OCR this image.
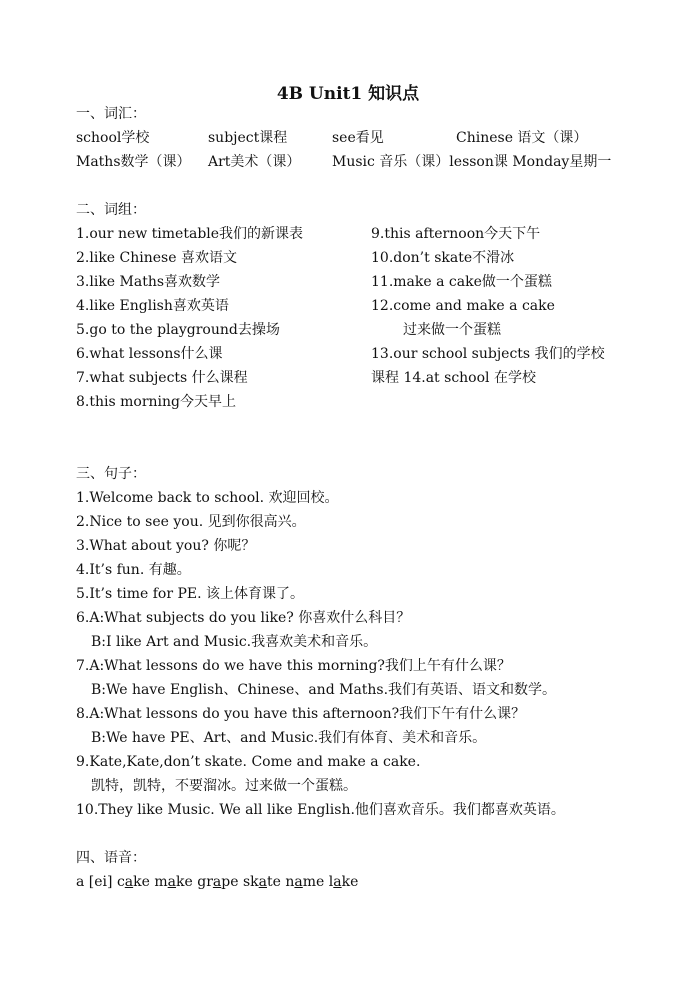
4B Unit1 知识点
一、词汇：
school学校	subject课程	see看见	Chinese 语文（课）
Maths数学（课） Art美术（课） Music 音乐（课）lesson课 Monday星期一
二、词组：
1.our new timetable我们的新课表
2.like Chinese 喜欢语文
3.like Maths喜欢数学
4.like English喜欢英语
5.go to the playground去操场
6.what lessons什么课
7.what subjects 什么课程
8.this morning今天早上
9.this afternoon今天下午
10.don’t skate不滑冰
11.make a cake做一个蛋糕
12.come and make a cake
过来做一个蛋糕
13.our school subjects 我们的学校
课程 14.at school 在学校
三、句子：
1.Welcome back to school. 欢迎回校。
2.Nice to see you. 见到你很高兴。
3.What about you? 你呢？
4.It’s fun. 有趣。
5.It’s time for PE. 该上体育课了。
6.A:What subjects do you like? 你喜欢什么科目？
B:I like Art and Music.我喜欢美术和音乐。
7.A:What lessons do we have this morning?我们上午有什么课？
B:We have English、Chinese、and Maths.我们有英语、语文和数学。
8.A:What lessons do you have this afternoon?我们下午有什么课？
B:We have PE、Art、and Music.我们有体育、美术和音乐。
9.Kate,Kate,don’t skate. Come and make a cake.
凯特，凯特，不要溜冰。过来做一个蛋糕。
10.They like Music. We all like English.他们喜欢音乐。我们都喜欢英语。
四、语音：
a [ei] cake make grape skate name lake
